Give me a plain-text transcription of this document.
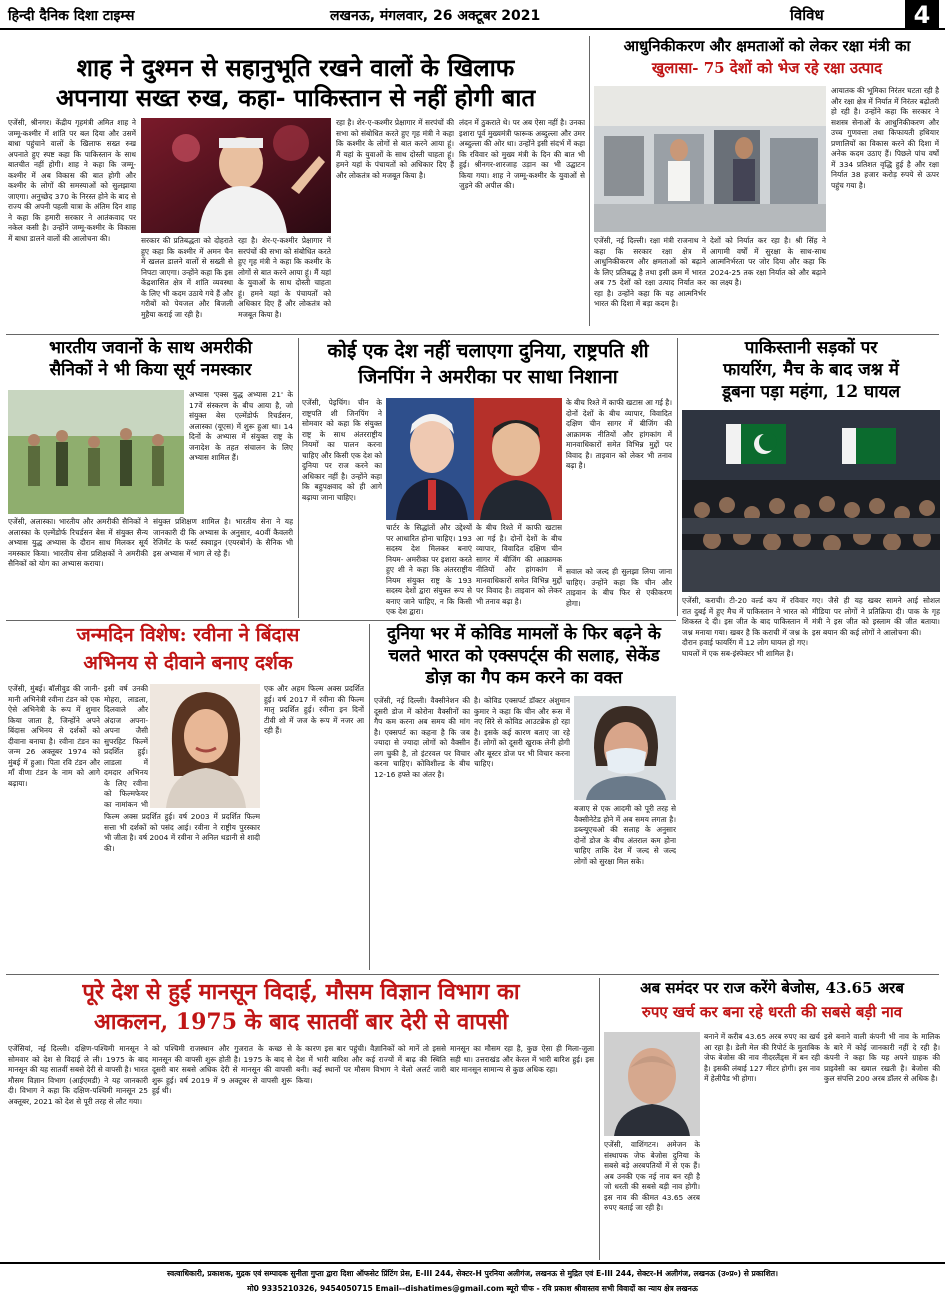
हिन्दी दैनिक दिशा टाइम्स	लखनऊ, मंगलवार, 26 अक्टूबर 2021	विविध	4
शाह ने दुश्मन से सहानुभूति रखने वालों के खिलाफ
अपनाया सख्त रुख, कहा- पाकिस्तान से नहीं होगी बात
एजेंसी, श्रीनगर। केंद्रीय गृहमंत्री अमित शाह ने जम्मू-कश्मीर में शांति पर बल दिया और उसमें बाधा पहुंचाने वालों के खिलाफ सख्त रुख अपनाते हुए स्पष्ट कहा कि पाकिस्तान के साथ बातचीत नहीं होगी। शाह ने कहा कि जम्मू-कश्मीर में अब विकास की बात होगी और कश्मीर के लोगों की समस्याओं को सुलझाया जाएगा। अनुच्छेद 370 के निरस्त होने के बाद से राज्य की अपनी पहली यात्रा के अंतिम दिन शाह ने कहा कि हमारी सरकार ने आतंकवाद पर नकेल कसी है। उन्होंने जम्मू-कश्मीर के विकास में बाधा डालने वालों की आलोचना की।	सरकार की प्रतिबद्धता को दोहराते हुए कहा कि कश्मीर में अमन चैन में खलल डालने वालों से सख्ती से निपटा जाएगा। उन्होंने कहा कि इस केंद्रशासित क्षेत्र में शांति व्यवस्था के लिए भी कदम उठाये गये हैं और गरीबों को पेयजल और बिजली मुहैया कराई जा रही है।
रहा है। शेर-ए-कश्मीर प्रेक्षागार में सरपंचों की सभा को संबोधित करते हुए गृह मंत्री ने कहा कि कश्मीर के लोगों से बात करने आया हूं। मैं यहां के युवाओं के साथ दोस्ती चाहता हूं। हमने यहां के पंचायतों को अधिकार दिए हैं और लोकतंत्र को मजबूत किया है।
रहा है। शेर-ए-कश्मीर प्रेक्षागार में सरपंचों की सभा को संबोधित करते हुए गृह मंत्री ने कहा कि कश्मीर के लोगों से बात करने आया हूं। मैं यहां के युवाओं के साथ दोस्ती चाहता हूं। हमने यहां के पंचायतों को अधिकार दिए हैं और लोकतंत्र को मजबूत किया है।
लंदन में ठुकराते थे। पर अब ऐसा नहीं है। उनका इशारा पूर्व मुख्यमंत्री फारूक अब्दुल्ला और उमर अब्दुल्ला की ओर था। उन्होंने इसी संदर्भ में कहा कि रविवार को मुख्य मंत्री के दिन की बात भी हुई। श्रीनगर-शारजाह उड़ान का भी उद्घाटन किया गया। शाह ने जम्मू-कश्मीर के युवाओं से जुड़ने की अपील की।
आधुनिकीकरण और क्षमताओं को लेकर रक्षा मंत्री का
खुलासा- 75 देशों को भेज रहे रक्षा उत्पाद
एजेंसी, नई दिल्ली। रक्षा मंत्री राजनाथ ने कहा कि सरकार रक्षा क्षेत्र में आधुनिकीकरण और क्षमताओं को बढ़ाने के लिए प्रतिबद्ध है तथा इसी क्रम में भारत अब 75 देशों को रक्षा उत्पाद निर्यात कर रहा है। उन्होंने कहा कि यह आत्मनिर्भर भारत की दिशा में बड़ा कदम है।
देशों को निर्यात कर रहा है। श्री सिंह ने आगामी वर्षों में सुरक्षा के साथ-साथ आत्मनिर्भरता पर जोर दिया और कहा कि 2024-25 तक रक्षा निर्यात को और बढ़ाने का लक्ष्य है।
आयातक की भूमिका निरंतर घटता रही है और रक्षा क्षेत्र में निर्यात में निरंतर बढ़ोतरी हो रही है। उन्होंने कहा कि सरकार ने सशस्त्र सेनाओं के आधुनिकीकरण और उच्च गुणवत्ता तथा किफायती हथियार प्रणालियों का विकास करने की दिशा में अनेक कदम उठाए हैं। पिछले पांच वर्षों में 334 प्रतिशत वृद्धि हुई है और रक्षा निर्यात 38 हजार करोड़ रुपये से ऊपर पहुंच गया है।
भारतीय जवानों के साथ अमरीकी
सैनिकों ने भी किया सूर्य नमस्कार
अभ्यास 'एक्स युद्ध अभ्यास 21' के 17वें संस्करण के बीच आया है, जो संयुक्त बेस एल्मेंडोर्फ रिचर्डसन, अलास्का (यूएस) में शुरू हुआ था। 14 दिनों के अभ्यास में संयुक्त राष्ट्र के जनादेश के तहत संचालन के लिए अभ्यास शामिल हैं।
एजेंसी, अलास्का। भारतीय और अमरीकी सैनिकों ने अलास्का के एल्मेंडोर्फ रिचर्डसन बेस में संयुक्त सैन्य अभ्यास युद्ध अभ्यास के दौरान साथ मिलकर सूर्य नमस्कार किया। भारतीय सेना प्रशिक्षकों ने अमरीकी सैनिकों को योग का अभ्यास कराया।
संयुक्त प्रशिक्षण शामिल है। भारतीय सेना ने यह जानकारी दी कि अभ्यास के अनुसार, 40वीं कैवलरी रेजिमेंट के फर्स्ट स्क्वाड्रन (एयरबोर्न) के सैनिक भी इस अभ्यास में भाग ले रहे हैं।
कोई एक देश नहीं चलाएगा दुनिया, राष्ट्रपति शी
जिनपिंग ने अमरीका पर साधा निशाना
एजेंसी, पेइचिंग। चीन के राष्ट्रपति शी जिनपिंग ने सोमवार को कहा कि संयुक्त राष्ट्र के साथ अंतरराष्ट्रीय नियमों का पालन करना चाहिए और किसी एक देश को दुनिया पर राज करने का अधिकार नहीं है। उन्होंने कहा कि बहुपक्षवाद को ही आगे बढ़ाया जाना चाहिए।
चार्टर के सिद्धांतों और उद्देश्यों पर आधारित होना चाहिए। 193 सदस्य देश मिलकर बनाएं नियम- अमरीका पर इशारा करते हुए शी ने कहा कि अंतरराष्ट्रीय नियम संयुक्त राष्ट्र के 193 सदस्य देशों द्वारा संयुक्त रूप से बनाए जाने चाहिए, न कि किसी एक देश द्वारा।
के बीच रिश्ते में काफी खटास आ गई है। दोनों देशों के बीच व्यापार, विवादित दक्षिण चीन सागर में बीजिंग की आक्रामक नीतियों और हांगकांग में मानवाधिकारों समेत विभिन्न मुद्दों पर विवाद है। ताइवान को लेकर भी तनाव बढ़ा है।
के बीच रिश्ते में काफी खटास आ गई है। दोनों देशों के बीच व्यापार, विवादित दक्षिण चीन सागर में बीजिंग की आक्रामक नीतियों और हांगकांग में मानवाधिकारों समेत विभिन्न मुद्दों पर विवाद है। ताइवान को लेकर भी तनाव बढ़ा है।
सवाल को जल्द ही सुलझा लिया जाना चाहिए। उन्होंने कहा कि चीन और ताइवान के बीच फिर से एकीकरण होगा।
पाकिस्तानी सड़कों पर
फायरिंग, मैच के बाद जश्न में
डूबना पड़ा महंगा, 12 घायल
एजेंसी, कराची। टी-20 वर्ल्ड कप में रविवार रात दुबई में हुए मैच में पाकिस्तान ने भारत को शिकस्त दे दी। इस जीत के बाद पाकिस्तान में जश्न मनाया गया। खबर है कि कराची में जश्न के दौरान हवाई फायरिंग में 12 लोग घायल हो गए। घायलों में एक सब-इंस्पेक्टर भी शामिल है।
गए। जैसे ही यह खबर सामने आई सोशल मीडिया पर लोगों ने प्रतिक्रिया दी। पाक के गृह मंत्री ने इस जीत को इस्लाम की जीत बताया। इस बयान की कई लोगों ने आलोचना की।
जन्मदिन विशेष: रवीना ने बिंदास
अभिनय से दीवाने बनाए दर्शक
एजेंसी, मुंबई। बॉलीवुड की जानी-मानी अभिनेत्री रवीना टंडन को एक ऐसे अभिनेत्री के रूप में शुमार किया जाता है, जिन्होंने अपने बिंदास अभिनय से दर्शकों को दीवाना बनाया है। रवीना टंडन का जन्म 26 अक्तूबर 1974 को मुंबई में हुआ। पिता रवि टंडन और माँ वीणा टंडन के नाम को आगे बढ़ाया।
इसी वर्ष उनकी मोहरा, लाडला, दिलवाले और अंदाज अपना-अपना जैसी सुपरहिट फिल्में प्रदर्शित हुई। लाडला में दमदार अभिनय के लिए रवीना को फिल्मफेयर का नामांकन भी
फिल्म अक्स प्रदर्शित हुई। वर्ष 2003 में प्रदर्शित फिल्म सत्ता भी दर्शकों को पसंद आई। रवीना ने राष्ट्रीय पुरस्कार भी जीता है। वर्ष 2004 में रवीना ने अनिल थडानी से शादी की।
एक और अहम फिल्म अक्स प्रदर्शित हुई। वर्ष 2017 में रवीना की फिल्म मातृ प्रदर्शित हुई। रवीना इन दिनों टीवी शो में जज के रूप में नजर आ रही हैं।
दुनिया भर में कोविड मामलों के फिर बढ़ने के
चलते भारत को एक्सपर्ट्स की सलाह, सेकेंड
डोज़ का गैप कम करने का वक्त
एजेंसी, नई दिल्ली। वैक्सीनेशन की दूसरी डोज में कोरोना वैक्सीनों का गैप कम करना अब समय की मांग है। एक्सपर्ट का कहना है कि जब ज्यादा से ज्यादा लोगों को वैक्सीन लग चुकी है, तो इंटरवल पर विचार करना चाहिए। कोविशील्ड के बीच 12-16 हफ्ते का अंतर है।
है। कोविड एक्सपर्ट डॉक्टर अंशुमान कुमार ने कहा कि चीन और रूस में नए सिरे से कोविड आउटब्रेक हो रहा है। इसके कई कारण बताए जा रहे हैं। लोगों को दूसरी खुराक लेनी होगी और बूस्टर डोज पर भी विचार करना चाहिए।
बजाए से एक आदमी को पूरी तरह से वैक्सीनेटेड होने में अब समय लगता है। डब्ल्यूएचओ की सलाह के अनुसार दोनों डोज के बीच अंतराल कम होना चाहिए ताकि देश में जल्द से जल्द लोगों को सुरक्षा मिल सके।
पूरे देश से हुई मानसून विदाई, मौसम विज्ञान विभाग का
आकलन, 1975 के बाद सातवीं बार देरी से वापसी
एजेंसियां, नई दिल्ली। दक्षिण-पश्चिमी मानसून ने सोमवार को देश से विदाई ले ली। 1975 के बाद मानसून की यह सातवीं सबसे देरी से वापसी है। भारत मौसम विज्ञान विभाग (आईएमडी) ने यह जानकारी दी। विभाग ने कहा कि दक्षिण-पश्चिमी मानसून 25 अक्तूबर, 2021 को देश से पूरी तरह से लौट गया।
को पश्चिमी राजस्थान और गुजरात के कच्छ से मानसून की वापसी शुरू होती है। 1975 के बाद से दूसरी बार सबसे अधिक देरी से मानसून की वापसी शुरू हुई। वर्ष 2019 में 9 अक्टूबर से वापसी शुरू हुई थी।
के कारण इस बार पहुंची। वैज्ञानिकों को मानें तो इससे देश में भारी बारिश और कई राज्यों में बाढ़ की स्थिति बनी। कई स्थानों पर मौसम विभाग ने येलो अलर्ट जारी किया।
मानसून का मौसम रहा है, कुछ ऐसा ही मिला-जुला सही था। उत्तराखंड और केरल में भारी बारिश हुई। इस बार मानसून सामान्य से कुछ अधिक रहा।
अब समंदर पर राज करेंगे बेजोस, 43.65 अरब
रुपए खर्च कर बना रहे धरती की सबसे बड़ी नाव
एजेंसी, वाशिंगटन। अमेजन के संस्थापक जेफ बेजोस दुनिया के सबसे बड़े अरबपतियों में से एक हैं। अब उनकी एक नई नाव बन रही है जो धरती की सबसे बड़ी नाव होगी। इस नाव की कीमत 43.65 अरब रुपए बताई जा रही है।
बनाने में करीब 43.65 अरब रुपए का खर्च आ रहा है। डेली मेल की रिपोर्ट के मुताबिक जेफ बेजोस की नाव नीदरलैंड्स में बन रही है। इसकी लंबाई 127 मीटर होगी। इस नाव में हेलीपैड भी होगा।
इसे बनाने वाली कंपनी भी नाव के मालिक के बारे में कोई जानकारी नहीं दे रही है। कंपनी ने कहा कि यह अपने ग्राहक की प्राइवेसी का ख्याल रखती है। बेजोस की कुल संपत्ति 200 अरब डॉलर से अधिक है।
स्वत्वाधिकारी, प्रकाशक, मुद्रक एवं सम्पादक सुनीता गुप्ता द्वारा दिशा ऑफसेट प्रिंटिंग प्रेस, E-III 244, सेक्टर-H पुरनिया अलीगंज, लखनऊ से मुद्रित एवं E-III 244, सेक्टर-H अलीगंज, लखनऊ (उ०प्र०) से प्रकाशित।
मो0 9335210326, 9454050715 Email--dishatimes@gmail.com ब्यूरो चीफ - रवि प्रकाश श्रीवास्तव सभी विवादों का न्याय क्षेत्र लखनऊ
